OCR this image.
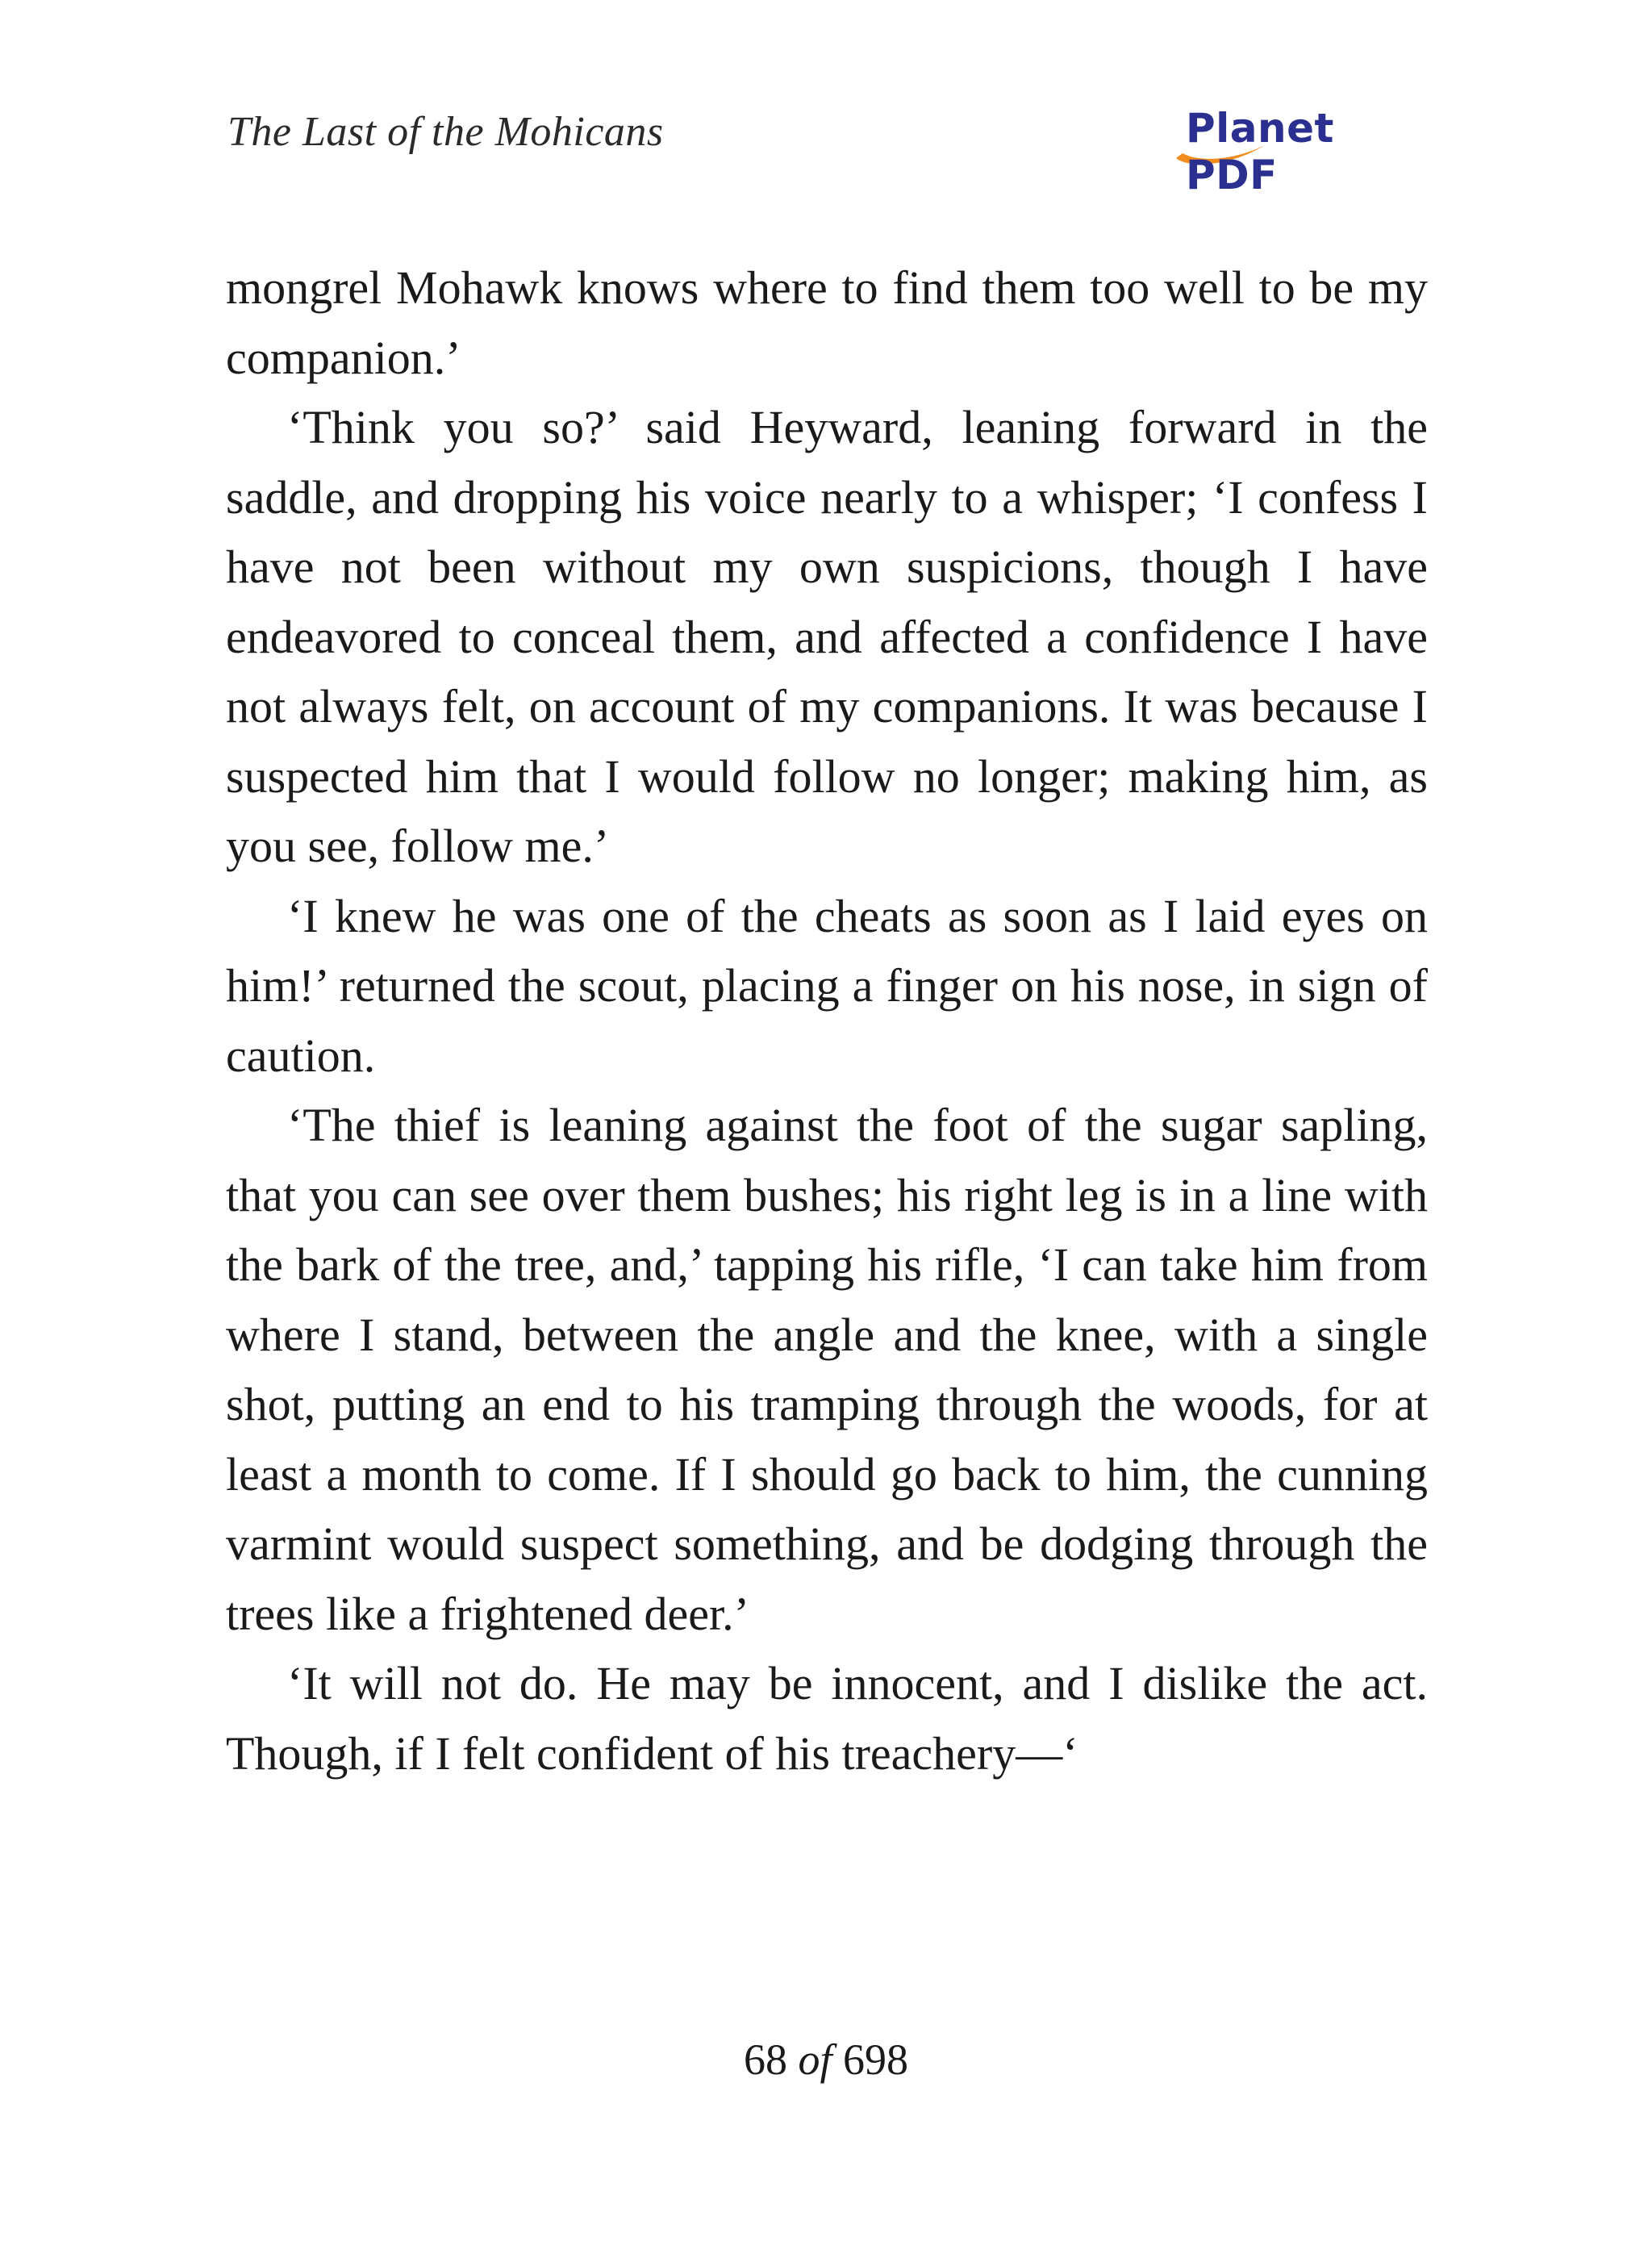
The Last of the Mohicans	Planet PDF

mongrel Mohawk knows where to find them too well to be my companion.’

‘Think you so?’ said Heyward, leaning forward in the saddle, and dropping his voice nearly to a whisper; ‘I confess I have not been without my own suspicions, though I have endeavored to conceal them, and affected a confidence I have not always felt, on account of my companions. It was because I suspected him that I would follow no longer; making him, as you see, follow me.’

‘I knew he was one of the cheats as soon as I laid eyes on him!’ returned the scout, placing a finger on his nose, in sign of caution.

‘The thief is leaning against the foot of the sugar sapling, that you can see over them bushes; his right leg is in a line with the bark of the tree, and,’ tapping his rifle, ‘I can take him from where I stand, between the angle and the knee, with a single shot, putting an end to his tramping through the woods, for at least a month to come. If I should go back to him, the cunning varmint would suspect something, and be dodging through the trees like a frightened deer.’

‘It will not do. He may be innocent, and I dislike the act. Though, if I felt confident of his treachery—‘

68 of 698
